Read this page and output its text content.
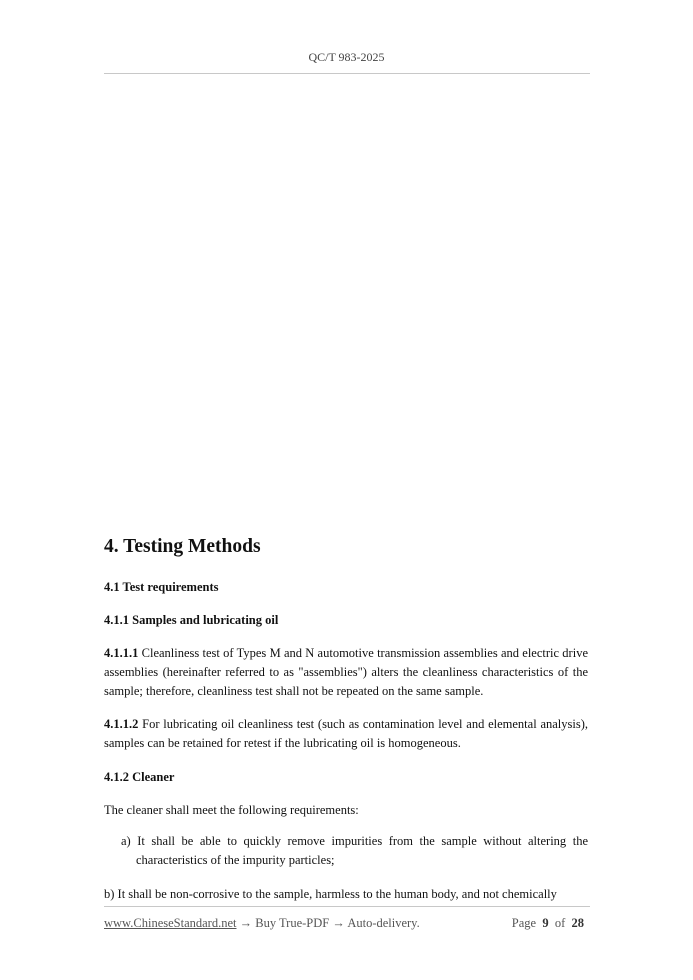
QC/T 983-2025
4. Testing Methods
4.1 Test requirements
4.1.1 Samples and lubricating oil

4.1.1.1 Cleanliness test of Types M and N automotive transmission assemblies and electric drive assemblies (hereinafter referred to as "assemblies") alters the cleanliness characteristics of the sample; therefore, cleanliness test shall not be repeated on the same sample.

4.1.1.2 For lubricating oil cleanliness test (such as contamination level and elemental analysis), samples can be retained for retest if the lubricating oil is homogeneous.

4.1.2 Cleaner

The cleaner shall meet the following requirements:

a) It shall be able to quickly remove impurities from the sample without altering the characteristics of the impurity particles;

b) It shall be non-corrosive to the sample, harmless to the human body, and not chemically

www.ChineseStandard.net → Buy True-PDF → Auto-delivery.	Page 9 of 28
